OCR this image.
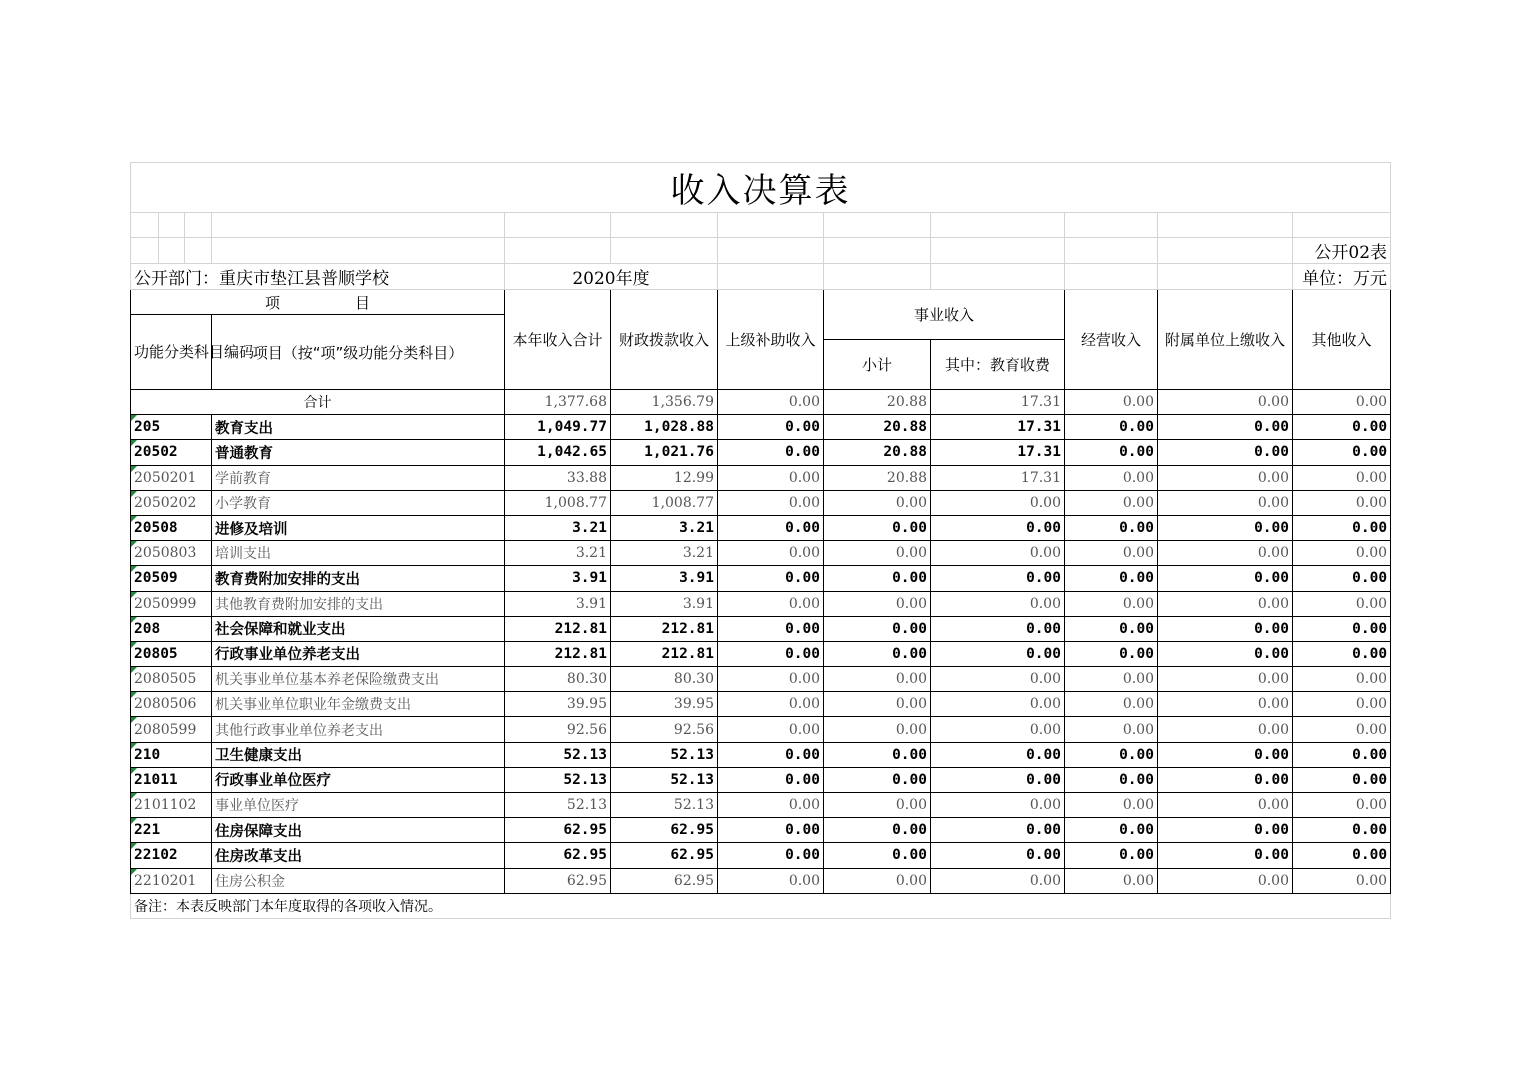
收入决算表											

											公开02表
公开部门：重庆市垫江县普顺学校				2020年度							单位：万元
项　　　　　目				本年收入合计	财政拨款收入	上级补助收入	事业收入		经营收入	附属单位上缴收入	其他收入
功能分类科目编码			项目（按“项”级功能分类科目）								
							小计	其中：教育收费			
合计				1,377.68	1,356.79	0.00	20.88	17.31	0.00	0.00	0.00
205			教育支出	1,049.77	1,028.88	0.00	20.88	17.31	0.00	0.00	0.00
20502			普通教育	1,042.65	1,021.76	0.00	20.88	17.31	0.00	0.00	0.00
2050201			学前教育	33.88	12.99	0.00	20.88	17.31	0.00	0.00	0.00
2050202			小学教育	1,008.77	1,008.77	0.00	0.00	0.00	0.00	0.00	0.00
20508			进修及培训	3.21	3.21	0.00	0.00	0.00	0.00	0.00	0.00
2050803			培训支出	3.21	3.21	0.00	0.00	0.00	0.00	0.00	0.00
20509			教育费附加安排的支出	3.91	3.91	0.00	0.00	0.00	0.00	0.00	0.00
2050999			其他教育费附加安排的支出	3.91	3.91	0.00	0.00	0.00	0.00	0.00	0.00
208			社会保障和就业支出	212.81	212.81	0.00	0.00	0.00	0.00	0.00	0.00
20805			行政事业单位养老支出	212.81	212.81	0.00	0.00	0.00	0.00	0.00	0.00
2080505			机关事业单位基本养老保险缴费支出	80.30	80.30	0.00	0.00	0.00	0.00	0.00	0.00
2080506			机关事业单位职业年金缴费支出	39.95	39.95	0.00	0.00	0.00	0.00	0.00	0.00
2080599			其他行政事业单位养老支出	92.56	92.56	0.00	0.00	0.00	0.00	0.00	0.00
210			卫生健康支出	52.13	52.13	0.00	0.00	0.00	0.00	0.00	0.00
21011			行政事业单位医疗	52.13	52.13	0.00	0.00	0.00	0.00	0.00	0.00
2101102			事业单位医疗	52.13	52.13	0.00	0.00	0.00	0.00	0.00	0.00
221			住房保障支出	62.95	62.95	0.00	0.00	0.00	0.00	0.00	0.00
22102			住房改革支出	62.95	62.95	0.00	0.00	0.00	0.00	0.00	0.00
2210201			住房公积金	62.95	62.95	0.00	0.00	0.00	0.00	0.00	0.00
备注：本表反映部门本年度取得的各项收入情况。											
